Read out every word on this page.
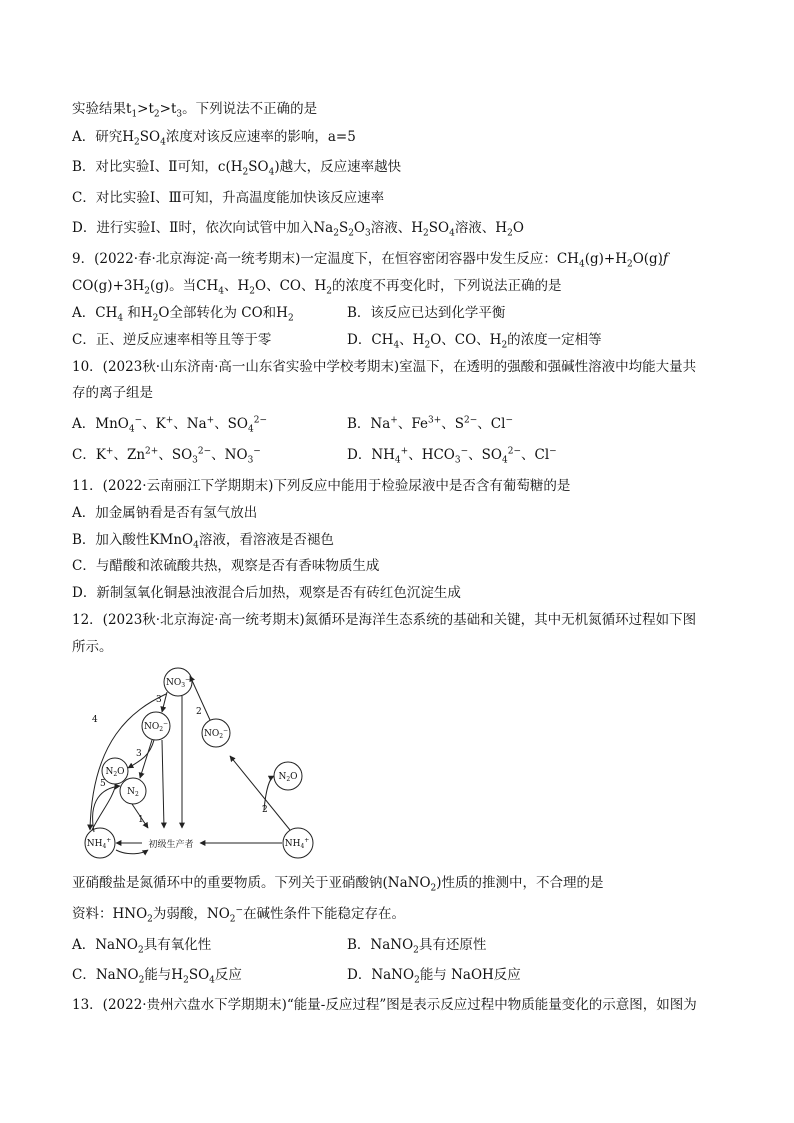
实验结果$t_1>t_2>t_3$。下列说法不正确的是
A．研究$H_2SO_4$浓度对该反应速率的影响，a=5
B．对比实验Ⅰ、Ⅱ可知，$c(H_2SO_4)$越大，反应速率越快
C．对比实验Ⅰ、Ⅲ可知，升高温度能加快该反应速率
D．进行实验Ⅰ、Ⅱ时，依次向试管中加入$Na_2S_2O_3$溶液、$H_2SO_4$溶液、$H_2O$
9．(2022·春·北京海淀·高一统考期末)一定温度下，在恒容密闭容器中发生反应：$CH_4(g)+H_2O(g)ƒ$
$CO(g)+3H_2(g)$。当$CH_4$、$H_2O$、CO、$H_2$的浓度不再变化时，下列说法正确的是
A．$CH_4$ 和$H_2O$全部转化为 CO和$H_2$	B．该反应已达到化学平衡
C．正、逆反应速率相等且等于零	D．$CH_4$、$H_2O$、CO、$H_2$的浓度一定相等
10．(2023秋·山东济南·高一山东省实验中学校考期末)室温下，在透明的强酸和强碱性溶液中均能大量共
存的离子组是
A．MnO$_4$−、K+、Na+、$SO_4^{2-}$	B．Na+、$Fe^{3+}$、$S^{2-}$、Cl−
C．K+、$Zn^{2+}$、$SO_3^{2-}$、$NO_3^-$	D．$NH_4^+$、$HCO_3^-$、$SO_4^{2-}$、Cl−
11．(2022·云南丽江下学期期末)下列反应中能用于检验尿液中是否含有葡萄糖的是
A．加金属钠看是否有氢气放出
B．加入酸性KMnO$_4$溶液，看溶液是否褪色
C．与醋酸和浓硫酸共热，观察是否有香味物质生成
D．新制氢氧化铜悬浊液混合后加热，观察是否有砖红色沉淀生成
12．(2023秋·北京海淀·高一统考期末)氮循环是海洋生态系统的基础和关键，其中无机氮循环过程如下图
所示。
$NO_3^-$
$NO_2^-$
$NO_2^-$
$N_2O$
$N_2$
$N_2O$
$NH_4^+$	$NH_4^+$
初级生产者
1
2
2
3
3
4
5
亚硝酸盐是氮循环中的重要物质。下列关于亚硝酸钠(NaNO$_2$)性质的推测中，不合理的是
资料：$HNO_2$为弱酸，$NO_2^-$在碱性条件下能稳定存在。
A．NaNO$_2$具有氧化性	B．NaNO$_2$具有还原性
C．NaNO$_2$能与$H_2SO_4$反应	D．NaNO$_2$能与 NaOH反应
13．(2022·贵州六盘水下学期期末)“能量-反应过程”图是表示反应过程中物质能量变化的示意图，如图为
